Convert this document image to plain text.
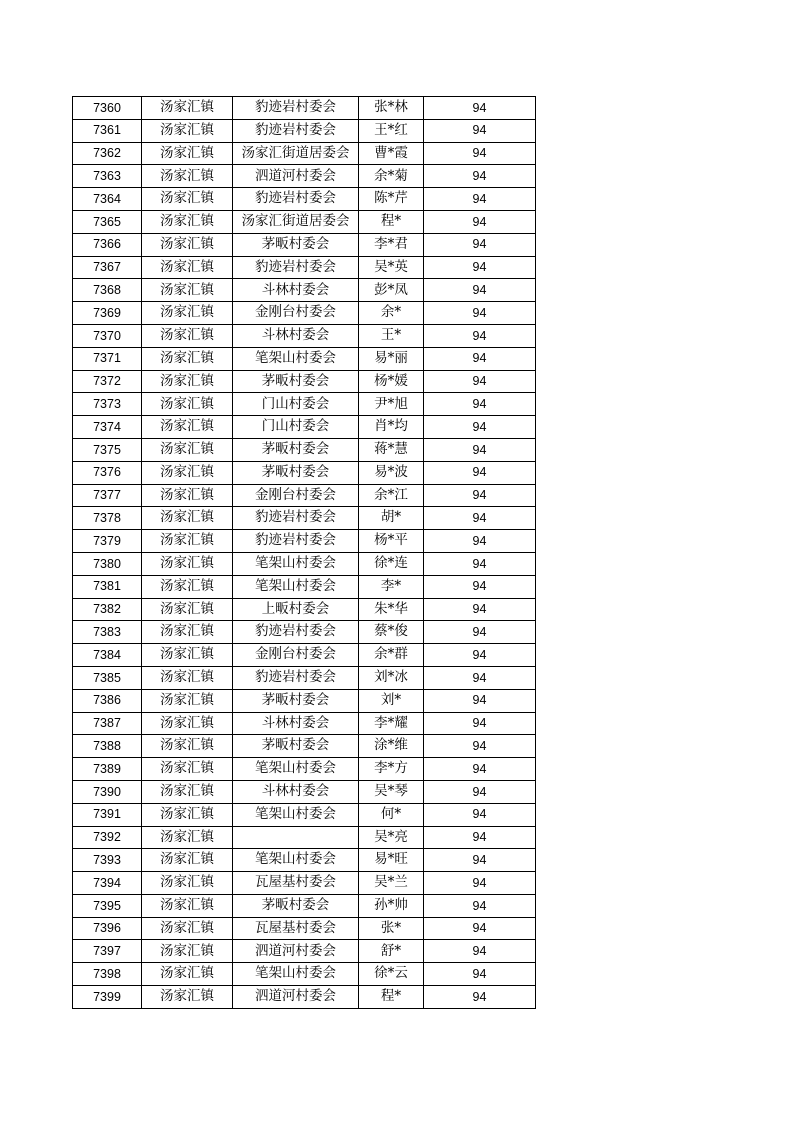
7360	汤家汇镇	豹迹岩村委会	张*林	94
7361	汤家汇镇	豹迹岩村委会	王*红	94
7362	汤家汇镇	汤家汇街道居委会	曹*霞	94
7363	汤家汇镇	泗道河村委会	余*菊	94
7364	汤家汇镇	豹迹岩村委会	陈*芹	94
7365	汤家汇镇	汤家汇街道居委会	程*	94
7366	汤家汇镇	茅畈村委会	李*君	94
7367	汤家汇镇	豹迹岩村委会	吴*英	94
7368	汤家汇镇	斗林村委会	彭*凤	94
7369	汤家汇镇	金刚台村委会	余*	94
7370	汤家汇镇	斗林村委会	王*	94
7371	汤家汇镇	笔架山村委会	易*丽	94
7372	汤家汇镇	茅畈村委会	杨*媛	94
7373	汤家汇镇	门山村委会	尹*旭	94
7374	汤家汇镇	门山村委会	肖*均	94
7375	汤家汇镇	茅畈村委会	蒋*慧	94
7376	汤家汇镇	茅畈村委会	易*波	94
7377	汤家汇镇	金刚台村委会	余*江	94
7378	汤家汇镇	豹迹岩村委会	胡*	94
7379	汤家汇镇	豹迹岩村委会	杨*平	94
7380	汤家汇镇	笔架山村委会	徐*连	94
7381	汤家汇镇	笔架山村委会	李*	94
7382	汤家汇镇	上畈村委会	朱*华	94
7383	汤家汇镇	豹迹岩村委会	蔡*俊	94
7384	汤家汇镇	金刚台村委会	余*群	94
7385	汤家汇镇	豹迹岩村委会	刘*冰	94
7386	汤家汇镇	茅畈村委会	刘*	94
7387	汤家汇镇	斗林村委会	李*耀	94
7388	汤家汇镇	茅畈村委会	涂*维	94
7389	汤家汇镇	笔架山村委会	李*方	94
7390	汤家汇镇	斗林村委会	吴*琴	94
7391	汤家汇镇	笔架山村委会	何*	94
7392	汤家汇镇		吴*亮	94
7393	汤家汇镇	笔架山村委会	易*旺	94
7394	汤家汇镇	瓦屋基村委会	吴*兰	94
7395	汤家汇镇	茅畈村委会	孙*帅	94
7396	汤家汇镇	瓦屋基村委会	张*	94
7397	汤家汇镇	泗道河村委会	舒*	94
7398	汤家汇镇	笔架山村委会	徐*云	94
7399	汤家汇镇	泗道河村委会	程*	94
